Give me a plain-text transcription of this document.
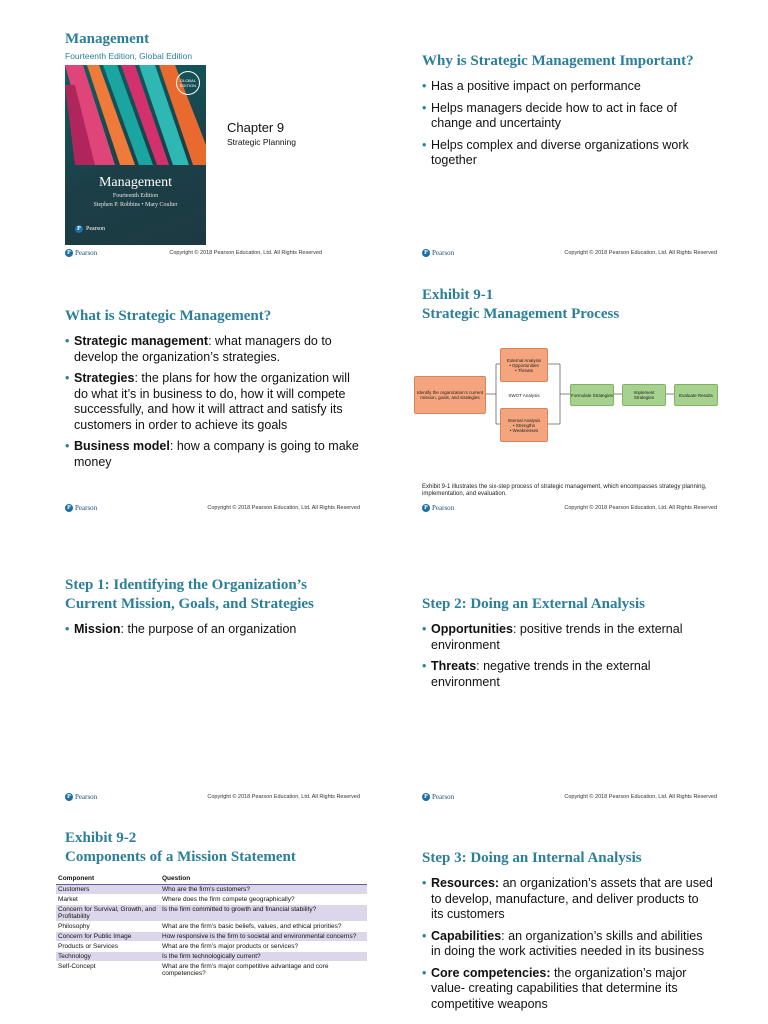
Management
Fourteenth Edition, Global Edition
GLOBAL EDITION
Management
Fourteenth Edition
Stephen P. Robbins • Mary Coulter
P Pearson
Chapter 9
Strategic Planning
P Pearson	Copyright © 2018 Pearson Education, Ltd. All Rights Reserved
Why is Strategic Management Important?
• Has a positive impact on performance
• Helps managers decide how to act in face of change and uncertainty
• Helps complex and diverse organizations work together
P Pearson	Copyright © 2018 Pearson Education, Ltd. All Rights Reserved
What is Strategic Management?
• Strategic management: what managers do to develop the organization’s strategies.
• Strategies: the plans for how the organization will do what it’s in business to do, how it will compete successfully, and how it will attract and satisfy its customers in order to achieve its goals
• Business model: how a company is going to make money
P Pearson	Copyright © 2018 Pearson Education, Ltd. All Rights Reserved
Exhibit 9-1
Strategic Management Process
Identify the organization’s current mission, goals, and strategies
External Analysis
• Opportunities
• Threats
SWOT Analysis
Internal Analysis
• Strengths
• Weaknesses
Formulate Strategies	Implement Strategies	Evaluate Results
Exhibit 9-1 illustrates the six-step process of strategic management, which encompasses strategy planning, implementation, and evaluation.
P Pearson	Copyright © 2018 Pearson Education, Ltd. All Rights Reserved
Step 1: Identifying the Organization’s
Current Mission, Goals, and Strategies
• Mission: the purpose of an organization
P Pearson	Copyright © 2018 Pearson Education, Ltd. All Rights Reserved
Step 2: Doing an External Analysis
• Opportunities: positive trends in the external environment
• Threats: negative trends in the external environment
P Pearson	Copyright © 2018 Pearson Education, Ltd. All Rights Reserved
Exhibit 9-2
Components of a Mission Statement
Component	Question
Customers	Who are the firm’s customers?
Market	Where does the firm compete geographically?
Concern for Survival, Growth, and Profitability	Is the firm committed to growth and financial stability?
Philosophy	What are the firm’s basic beliefs, values, and ethical priorities?
Concern for Public Image	How responsive is the firm to societal and environmental concerns?
Products or Services	What are the firm’s major products or services?
Technology	Is the firm technologically current?
Self-Concept	What are the firm’s major competitive advantage and core competencies?
Step 3: Doing an Internal Analysis
• Resources: an organization’s assets that are used to develop, manufacture, and deliver products to its customers
• Capabilities: an organization’s skills and abilities in doing the work activities needed in its business
• Core competencies: the organization’s major value- creating capabilities that determine its competitive weapons
